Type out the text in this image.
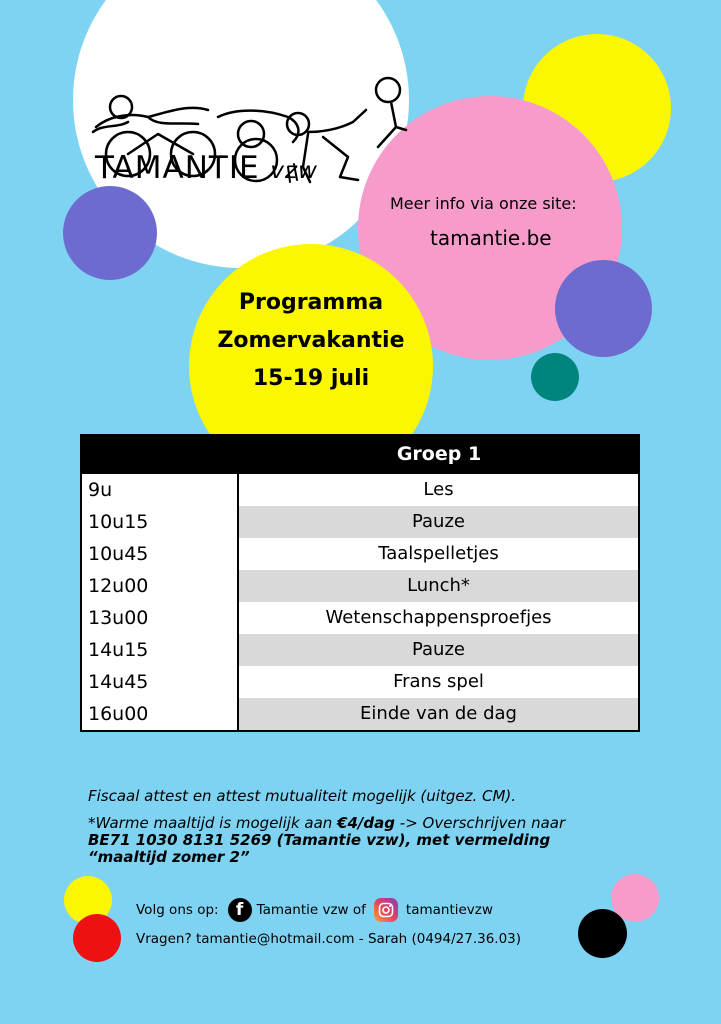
TAMANTIE vzw
Meer info via onze site:
tamantie.be
Programma
Zomervakantie
15-19 juli
Groep 1
9u	Les
10u15	Pauze
10u45	Taalspelletjes
12u00	Lunch*
13u00	Wetenschappensproefjes
14u15	Pauze
14u45	Frans spel
16u00	Einde van de dag

Fiscaal attest en attest mutualiteit mogelijk (uitgez. CM).

*Warme maaltijd is mogelijk aan €4/dag -> Overschrijven naar

BE71 1030 8131 5269 (Tamantie vzw), met vermelding

“maaltijd zomer 2”

Volg ons op:	f Tamantie vzw of	tamantievzw
Vragen? tamantie@hotmail.com - Sarah (0494/27.36.03)
